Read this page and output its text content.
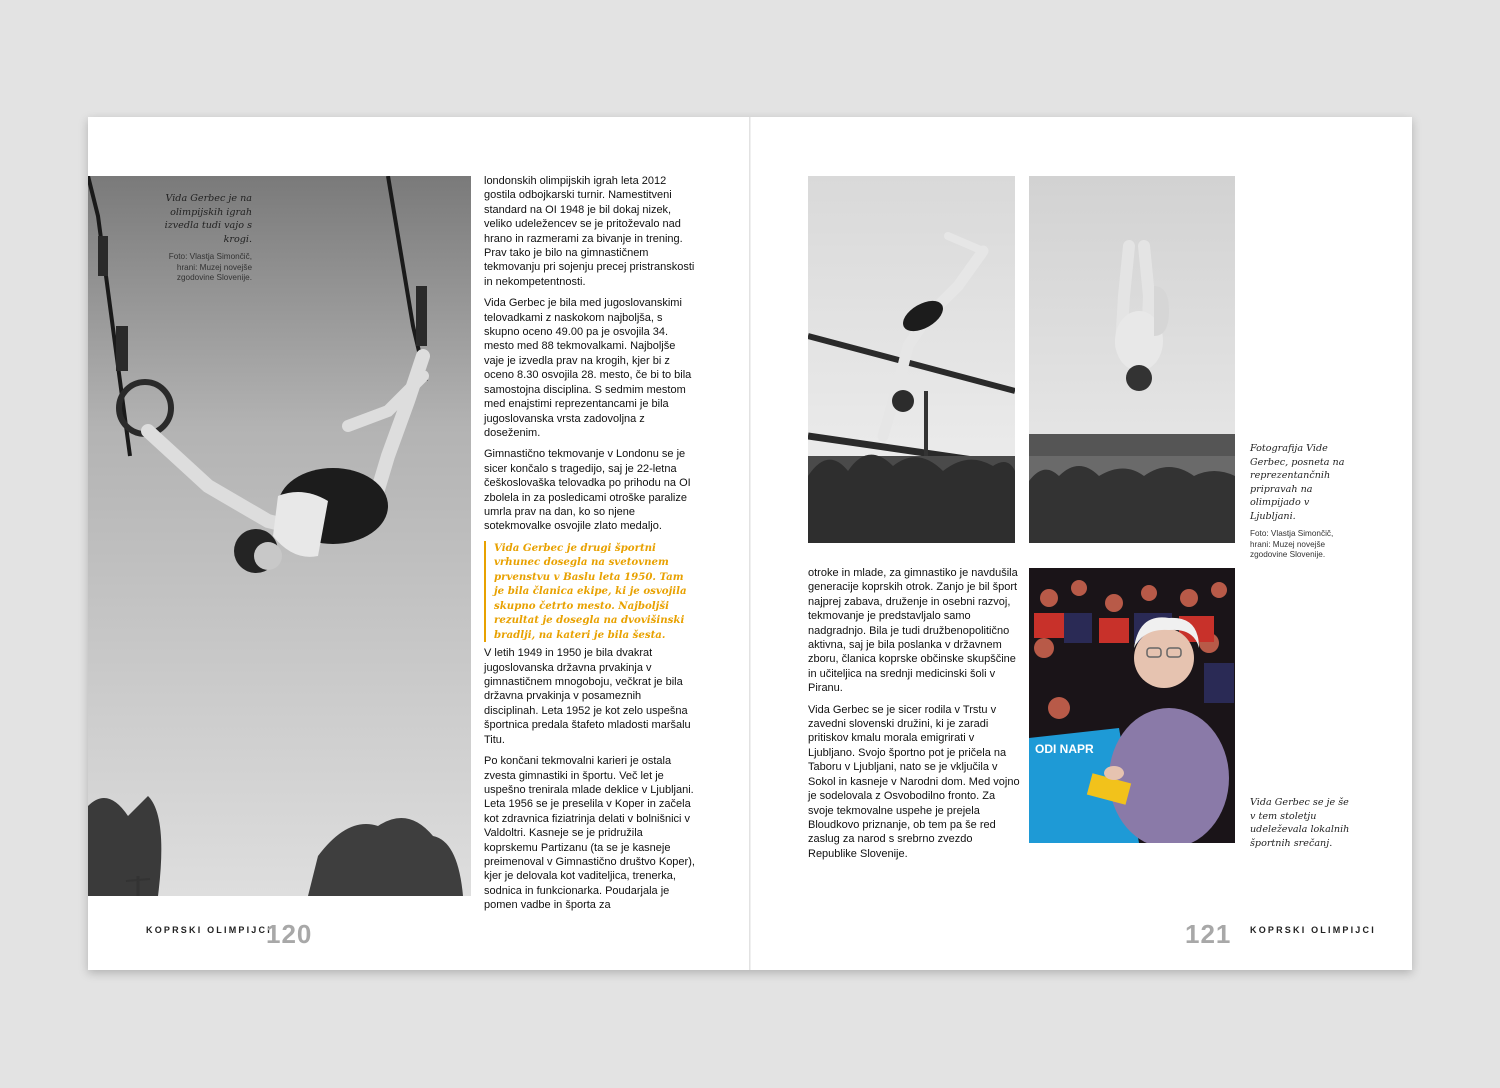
Vida Gerbec je na olimpijskih igrah izvedla tudi vajo s krogi.
Foto: Vlastja Simončič, hrani: Muzej novejše zgodovine Slovenije.

londonskih olimpijskih igrah leta 2012 gostila odbojkarski turnir. Namestitveni standard na OI 1948 je bil dokaj nizek, veliko udeležencev se je pritoževalo nad hrano in razmerami za bivanje in trening. Prav tako je bilo na gimnastičnem tekmovanju pri sojenju precej pristranskosti in nekompetentnosti.

Vida Gerbec je bila med jugoslovanskimi telovadkami z naskokom najboljša, s skupno oceno 49.00 pa je osvojila 34. mesto med 88 tekmovalkami. Najboljše vaje je izvedla prav na krogih, kjer bi z oceno 8.30 osvojila 28. mesto, če bi to bila samostojna disciplina. S sedmim mestom med enajstimi reprezentancami je bila jugoslovanska vrsta zadovoljna z doseženim.

Gimnastično tekmovanje v Londonu se je sicer končalo s tragedijo, saj je 22-letna češkoslovaška telovadka po prihodu na OI zbolela in za posledicami otroške paralize umrla prav na dan, ko so njene sotekmovalke osvojile zlato medaljo.

Vida Gerbec je drugi športni vrhunec dosegla na svetovnem prvenstvu v Baslu leta 1950. Tam je bila članica ekipe, ki je osvojila skupno četrto mesto. Najboljši rezultat je dosegla na dvovišinski bradlji, na kateri je bila šesta.

V letih 1949 in 1950 je bila dvakrat jugoslovanska državna prvakinja v gimnastičnem mnogoboju, večkrat je bila državna prvakinja v posameznih disciplinah. Leta 1952 je kot zelo uspešna športnica predala štafeto mladosti maršalu Titu.

Po končani tekmovalni karieri je ostala zvesta gimnastiki in športu. Več let je uspešno trenirala mlade deklice v Ljubljani. Leta 1956 se je preselila v Koper in začela kot zdravnica fiziatrinja delati v bolnišnici v Valdoltri. Kasneje se je pridružila koprskemu Partizanu (ta se je kasneje preimenoval v Gimnastično društvo Koper), kjer je delovala kot vaditeljica, trenerka, sodnica in funkcionarka. Poudarjala je pomen vadbe in športa za

KOPRSKI OLIMPIJCI
120
Fotografija Vide Gerbec, posneta na reprezentančnih pripravah na olimpijado v Ljubljani.
Foto: Vlastja Simončič, hrani: Muzej novejše zgodovine Slovenije.
ODI NAPR
Vida Gerbec se je še v tem stoletju udeleževala lokalnih športnih srečanj.

otroke in mlade, za gimnastiko je navdušila generacije koprskih otrok. Zanjo je bil šport najprej zabava, druženje in osebni razvoj, tekmovanje je predstavljalo samo nadgradnjo. Bila je tudi družbenopolitično aktivna, saj je bila poslanka v državnem zboru, članica koprske občinske skupščine in učiteljica na srednji medicinski šoli v Piranu.

Vida Gerbec se je sicer rodila v Trstu v zavedni slovenski družini, ki je zaradi pritiskov kmalu morala emigrirati v Ljubljano. Svojo športno pot je pričela na Taboru v Ljubljani, nato se je vključila v Sokol in kasneje v Narodni dom. Med vojno je sodelovala z Osvobodilno fronto. Za svoje tekmovalne uspehe je prejela Bloudkovo priznanje, ob tem pa še red zaslug za narod s srebrno zvezdo Republike Slovenije.

121 KOPRSKI OLIMPIJCI
